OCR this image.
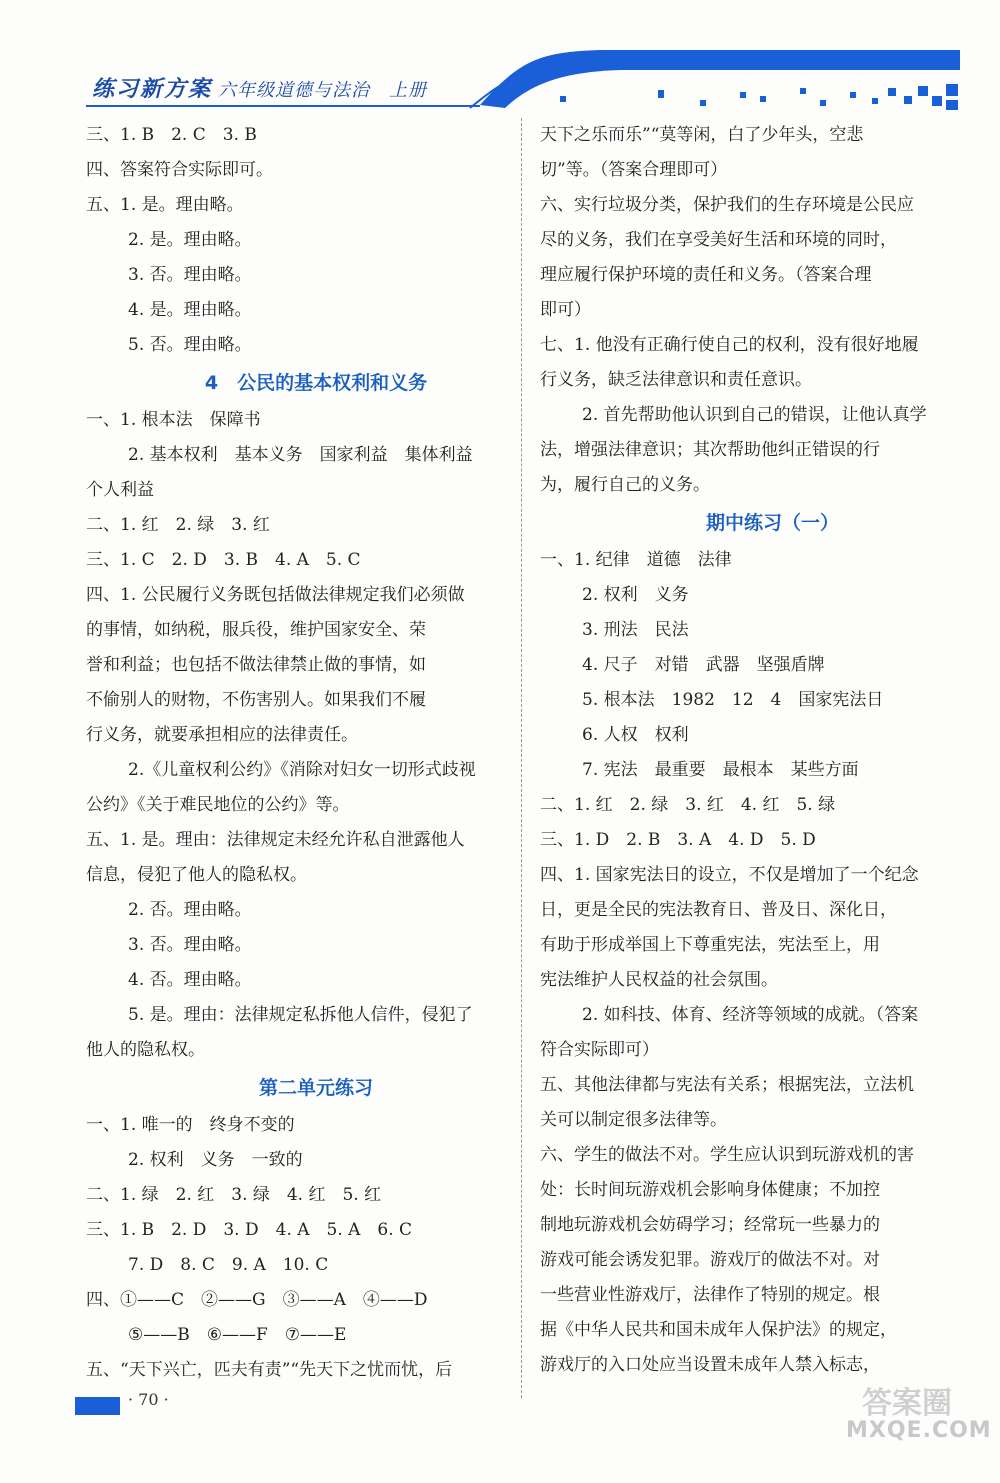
练习新方案 六年级道德与法治　上册
三、1. B　2. C　3. B
四、答案符合实际即可。
五、1. 是。理由略。
2. 是。理由略。
3. 否。理由略。
4. 是。理由略。
5. 否。理由略。
4　公民的基本权利和义务
一、1. 根本法　保障书
2. 基本权利　基本义务　国家利益　集体利益
个人利益
二、1. 红　2. 绿　3. 红
三、1. C　2. D　3. B　4. A　5. C
四、1. 公民履行义务既包括做法律规定我们必须做
的事情，如纳税，服兵役，维护国家安全、荣
誉和利益；也包括不做法律禁止做的事情，如
不偷别人的财物，不伤害别人。如果我们不履
行义务，就要承担相应的法律责任。
2.《儿童权利公约》《消除对妇女一切形式歧视
公约》《关于难民地位的公约》等。
五、1. 是。理由：法律规定未经允许私自泄露他人
信息，侵犯了他人的隐私权。
2. 否。理由略。
3. 否。理由略。
4. 否。理由略。
5. 是。理由：法律规定私拆他人信件，侵犯了
他人的隐私权。
第二单元练习
一、1. 唯一的　终身不变的
2. 权利　义务　一致的
二、1. 绿　2. 红　3. 绿　4. 红　5. 红
三、1. B　2. D　3. D　4. A　5. A　6. C
7. D　8. C　9. A　10. C
四、①——C　②——G　③——A　④——D
⑤——B　⑥——F　⑦——E
五、“天下兴亡，匹夫有责”“先天下之忧而忧，后
天下之乐而乐”“莫等闲，白了少年头，空悲
切”等。（答案合理即可）
六、实行垃圾分类，保护我们的生存环境是公民应
尽的义务，我们在享受美好生活和环境的同时，
理应履行保护环境的责任和义务。（答案合理
即可）
七、1. 他没有正确行使自己的权利，没有很好地履
行义务，缺乏法律意识和责任意识。
2. 首先帮助他认识到自己的错误，让他认真学
法，增强法律意识；其次帮助他纠正错误的行
为，履行自己的义务。
期中练习（一）
一、1. 纪律　道德　法律
2. 权利　义务
3. 刑法　民法
4. 尺子　对错　武器　坚强盾牌
5. 根本法　1982　12　4　国家宪法日
6. 人权　权利
7. 宪法　最重要　最根本　某些方面
二、1. 红　2. 绿　3. 红　4. 红　5. 绿
三、1. D　2. B　3. A　4. D　5. D
四、1. 国家宪法日的设立，不仅是增加了一个纪念
日，更是全民的宪法教育日、普及日、深化日，
有助于形成举国上下尊重宪法，宪法至上，用
宪法维护人民权益的社会氛围。
2. 如科技、体育、经济等领域的成就。（答案
符合实际即可）
五、其他法律都与宪法有关系；根据宪法，立法机
关可以制定很多法律等。
六、学生的做法不对。学生应认识到玩游戏机的害
处：长时间玩游戏机会影响身体健康；不加控
制地玩游戏机会妨碍学习；经常玩一些暴力的
游戏可能会诱发犯罪。游戏厅的做法不对。对
一些营业性游戏厅，法律作了特别的规定。根
据《中华人民共和国未成年人保护法》的规定，
游戏厅的入口处应当设置未成年人禁入标志，
· 70 ·	答案圈
MXQE.COM
